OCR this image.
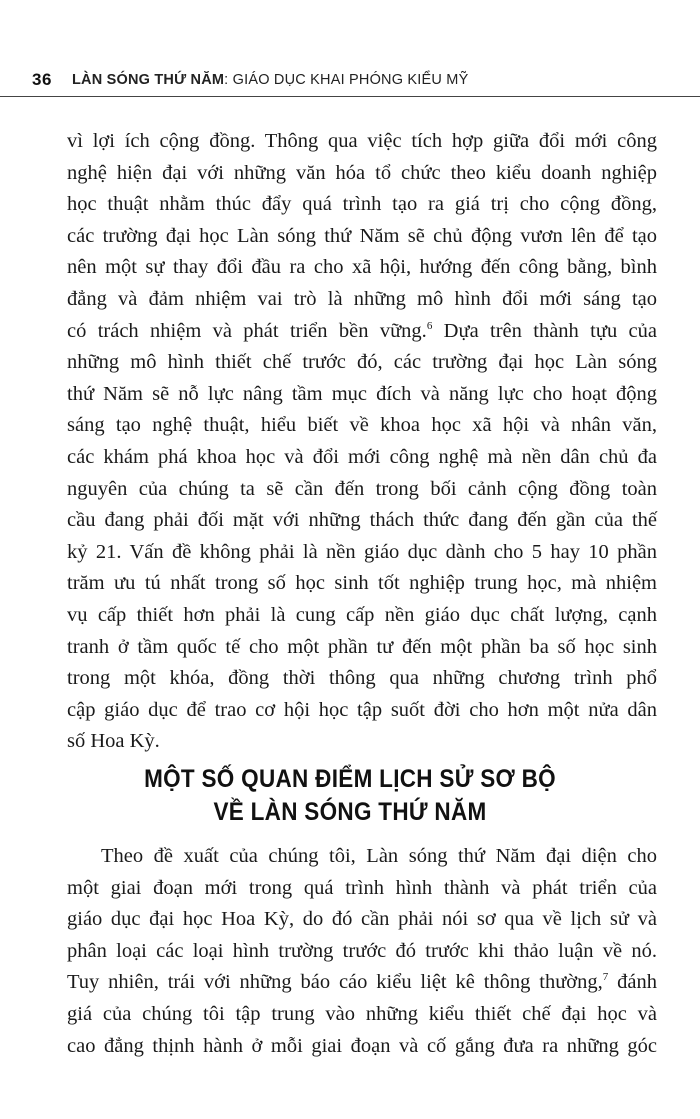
36 LÀN SÓNG THỨ NĂM: GIÁO DỤC KHAI PHÓNG KIỂU MỸ
vì lợi ích cộng đồng. Thông qua việc tích hợp giữa đổi mới công
nghệ hiện đại với những văn hóa tổ chức theo kiểu doanh nghiệp
học thuật nhằm thúc đẩy quá trình tạo ra giá trị cho cộng đồng,
các trường đại học Làn sóng thứ Năm sẽ chủ động vươn lên để tạo
nên một sự thay đổi đầu ra cho xã hội, hướng đến công bằng, bình
đẳng và đảm nhiệm vai trò là những mô hình đổi mới sáng tạo
có trách nhiệm và phát triển bền vững.$^6$ Dựa trên thành tựu của
những mô hình thiết chế trước đó, các trường đại học Làn sóng
thứ Năm sẽ nỗ lực nâng tầm mục đích và năng lực cho hoạt động
sáng tạo nghệ thuật, hiểu biết về khoa học xã hội và nhân văn,
các khám phá khoa học và đổi mới công nghệ mà nền dân chủ đa
nguyên của chúng ta sẽ cần đến trong bối cảnh cộng đồng toàn
cầu đang phải đối mặt với những thách thức đang đến gần của thế
kỷ 21. Vấn đề không phải là nền giáo dục dành cho 5 hay 10 phần
trăm ưu tú nhất trong số học sinh tốt nghiệp trung học, mà nhiệm
vụ cấp thiết hơn phải là cung cấp nền giáo dục chất lượng, cạnh
tranh ở tầm quốc tế cho một phần tư đến một phần ba số học sinh
trong một khóa, đồng thời thông qua những chương trình phổ
cập giáo dục để trao cơ hội học tập suốt đời cho hơn một nửa dân
số Hoa Kỳ.
MỘT SỐ QUAN ĐIỂM LỊCH SỬ SƠ BỘ
VỀ LÀN SÓNG THỨ NĂM
Theo đề xuất của chúng tôi, Làn sóng thứ Năm đại diện cho
một giai đoạn mới trong quá trình hình thành và phát triển của
giáo dục đại học Hoa Kỳ, do đó cần phải nói sơ qua về lịch sử và
phân loại các loại hình trường trước đó trước khi thảo luận về nó.
Tuy nhiên, trái với những báo cáo kiểu liệt kê thông thường,$^7$ đánh
giá của chúng tôi tập trung vào những kiểu thiết chế đại học và
cao đẳng thịnh hành ở mỗi giai đoạn và cố gắng đưa ra những góc
